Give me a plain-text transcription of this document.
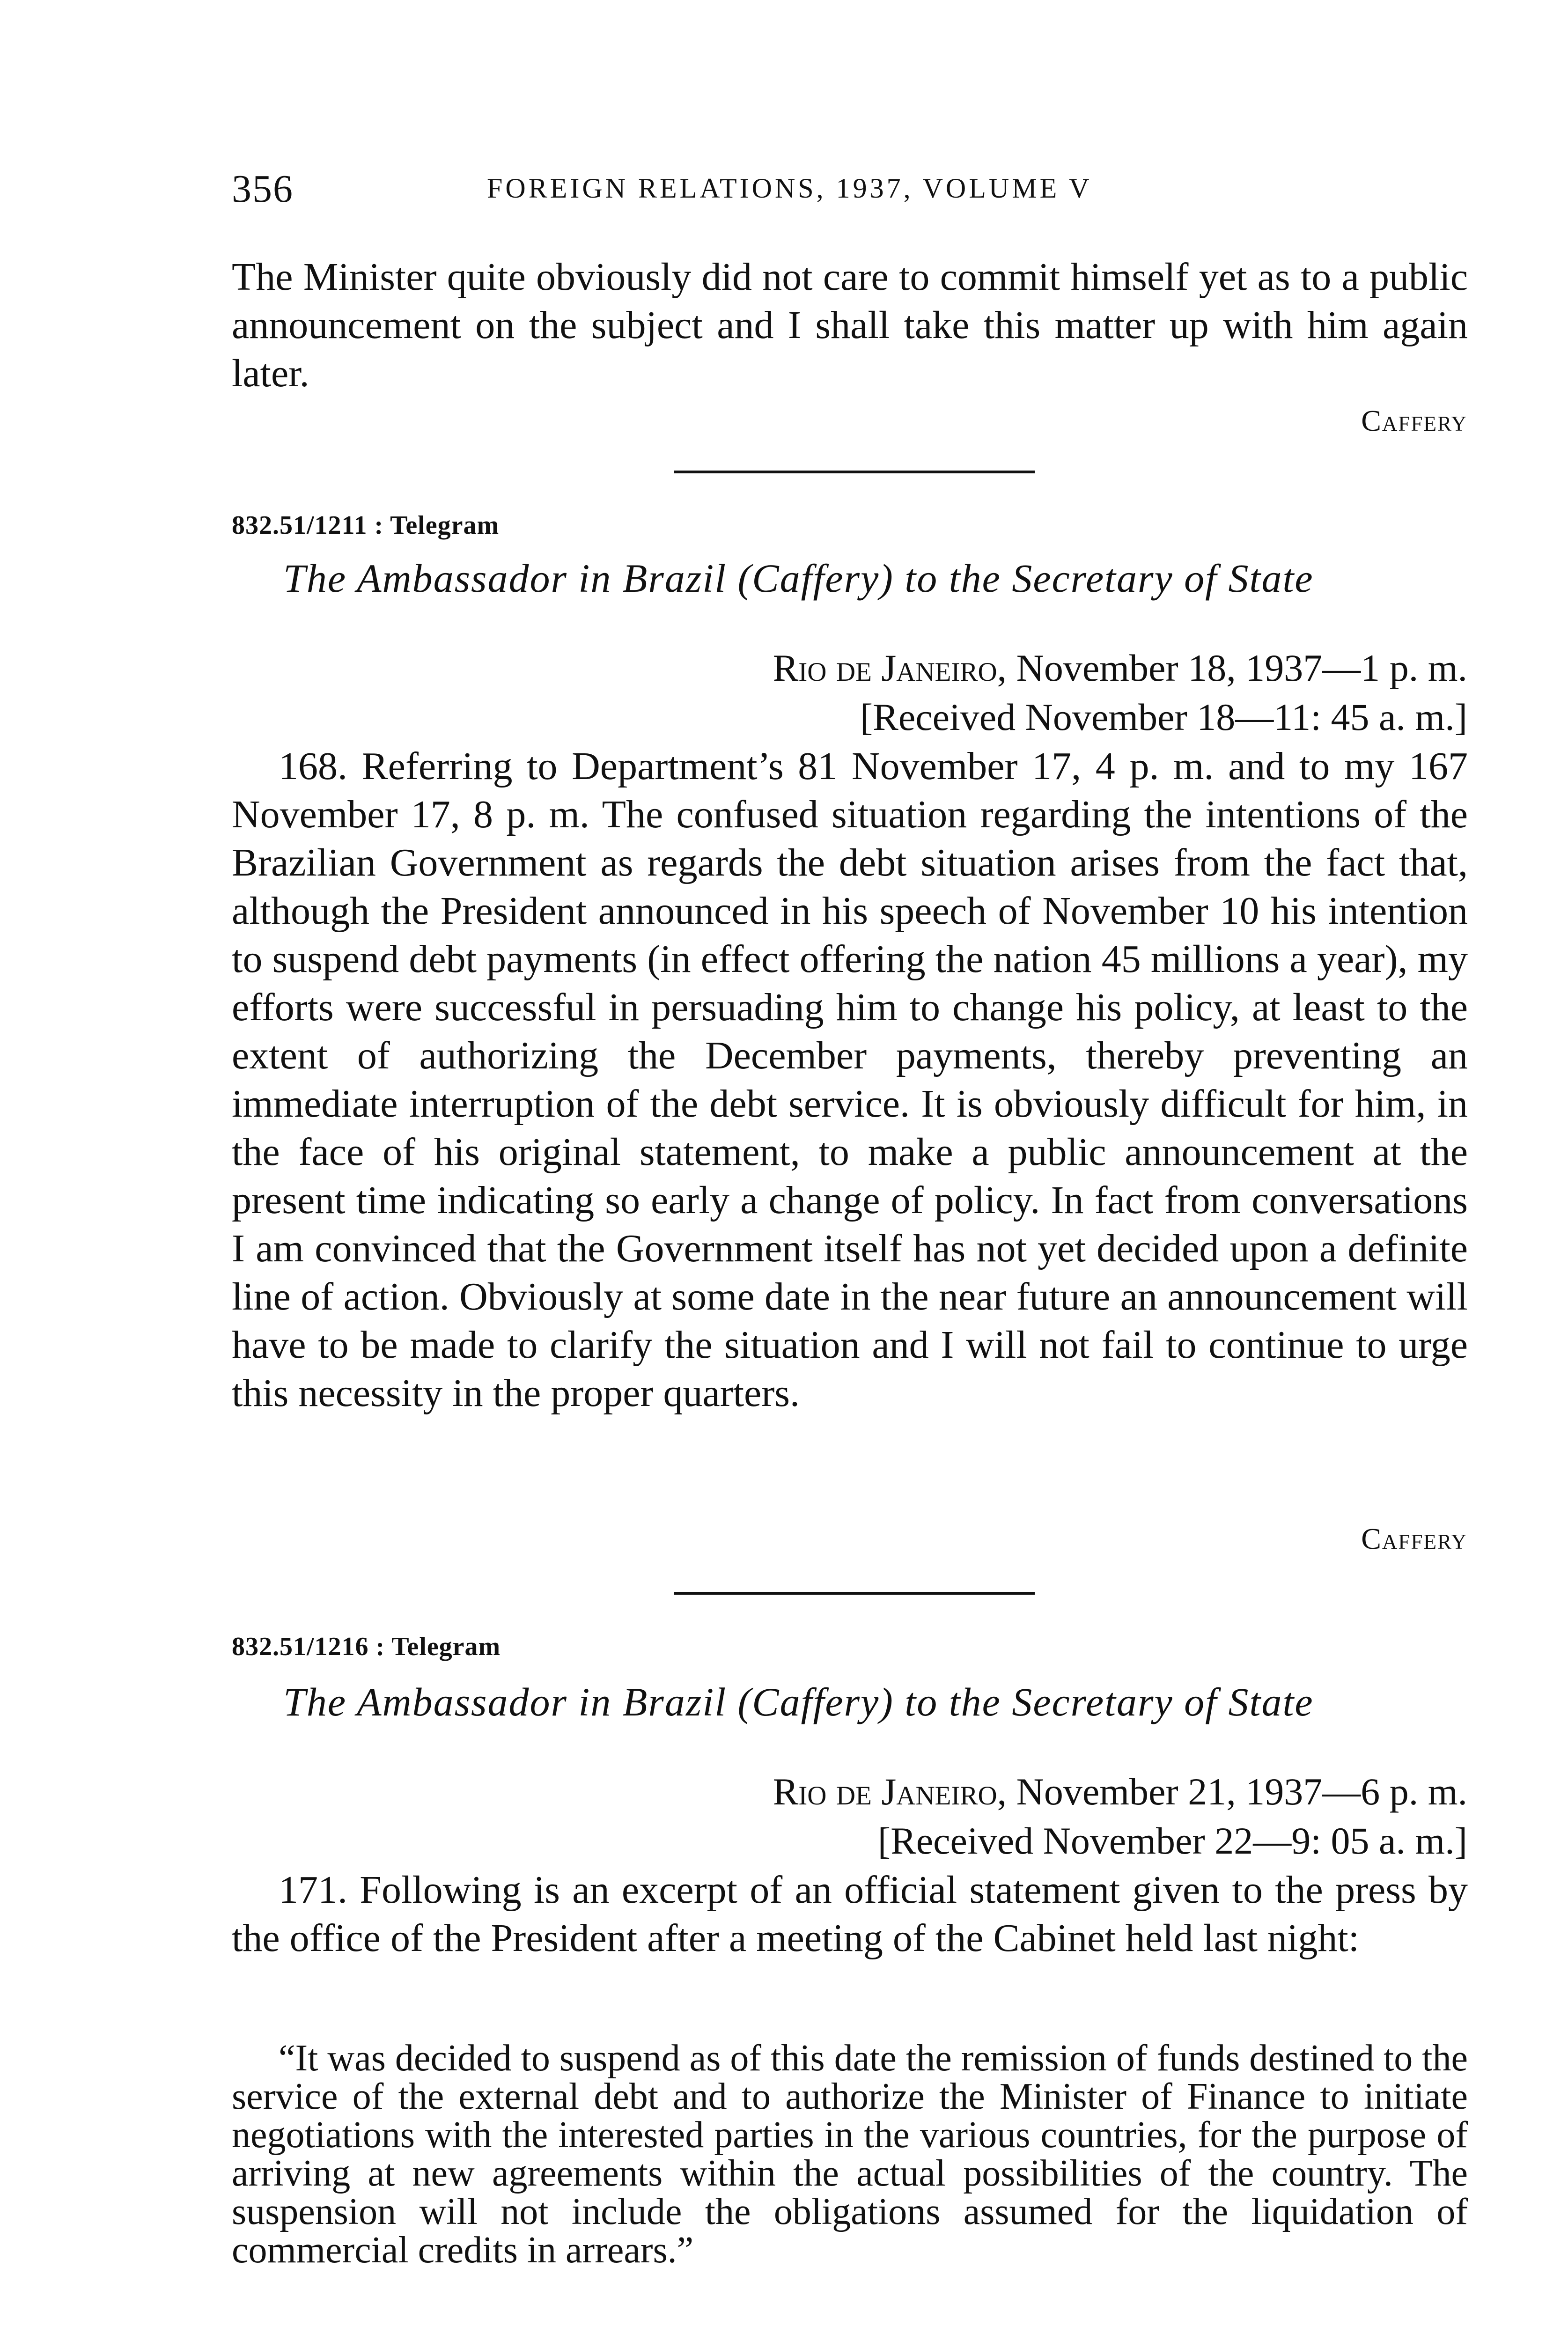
356	FOREIGN RELATIONS, 1937, VOLUME V
The Minister quite obviously did not care to commit himself yet as to a public announcement on the subject and I shall take this matter up with him again later.
Caffery
832.51/1211 : Telegram
The Ambassador in Brazil (Caffery) to the Secretary of State
Rio de Janeiro, November 18, 1937—1 p. m.
[Received November 18—11: 45 a. m.]
168. Referring to Department’s 81 November 17, 4 p. m. and to my 167 November 17, 8 p. m. The confused situation regarding the intentions of the Brazilian Government as regards the debt situation arises from the fact that, although the President announced in his speech of November 10 his intention to suspend debt payments (in effect offering the nation 45 millions a year), my efforts were successful in persuading him to change his policy, at least to the extent of authorizing the December payments, thereby preventing an immediate interruption of the debt service. It is obviously difficult for him, in the face of his original statement, to make a public announcement at the present time indicating so early a change of policy. In fact from conversations I am convinced that the Government itself has not yet decided upon a definite line of action. Obviously at some date in the near future an announcement will have to be made to clarify the situation and I will not fail to continue to urge this necessity in the proper quarters.
Caffery
832.51/1216 : Telegram
The Ambassador in Brazil (Caffery) to the Secretary of State
Rio de Janeiro, November 21, 1937—6 p. m.
[Received November 22—9: 05 a. m.]
171. Following is an excerpt of an official statement given to the press by the office of the President after a meeting of the Cabinet held last night:
“It was decided to suspend as of this date the remission of funds destined to the service of the external debt and to authorize the Minister of Finance to initiate negotiations with the interested parties in the various countries, for the purpose of arriving at new agreements within the actual possibilities of the country. The suspension will not include the obligations assumed for the liquidation of commercial credits in arrears.”
